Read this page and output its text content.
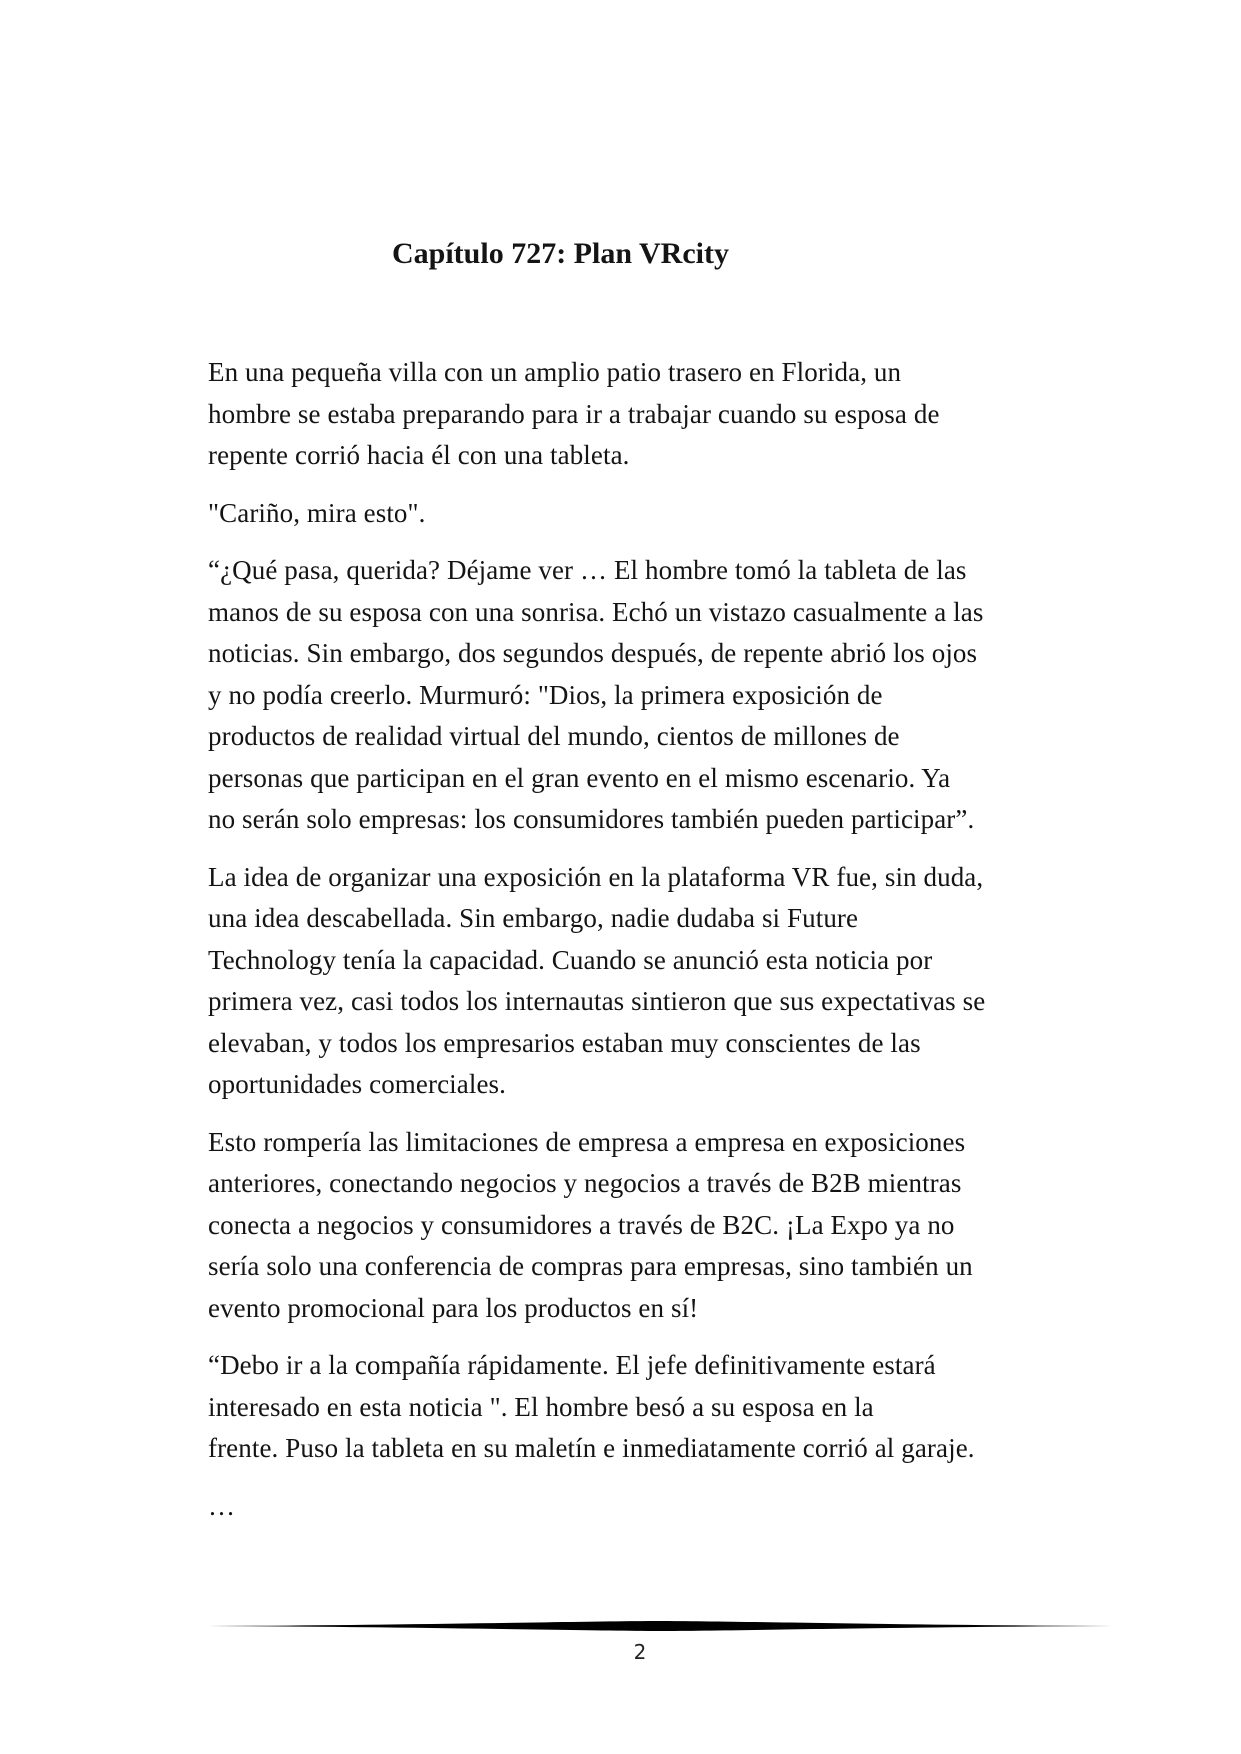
Capítulo 727: Plan VRcity

En una pequeña villa con un amplio patio trasero en Florida, un
hombre se estaba preparando para ir a trabajar cuando su esposa de
repente corrió hacia él con una tableta.

"Cariño, mira esto".

“¿Qué pasa, querida? Déjame ver … El hombre tomó la tableta de las
manos de su esposa con una sonrisa. Echó un vistazo casualmente a las
noticias. Sin embargo, dos segundos después, de repente abrió los ojos
y no podía creerlo. Murmuró: "Dios, la primera exposición de
productos de realidad virtual del mundo, cientos de millones de
personas que participan en el gran evento en el mismo escenario. Ya
no serán solo empresas: los consumidores también pueden participar”.

La idea de organizar una exposición en la plataforma VR fue, sin duda,
una idea descabellada. Sin embargo, nadie dudaba si Future
Technology tenía la capacidad. Cuando se anunció esta noticia por
primera vez, casi todos los internautas sintieron que sus expectativas se
elevaban, y todos los empresarios estaban muy conscientes de las
oportunidades comerciales.

Esto rompería las limitaciones de empresa a empresa en exposiciones
anteriores, conectando negocios y negocios a través de B2B mientras
conecta a negocios y consumidores a través de B2C. ¡La Expo ya no
sería solo una conferencia de compras para empresas, sino también un
evento promocional para los productos en sí!

“Debo ir a la compañía rápidamente. El jefe definitivamente estará
interesado en esta noticia ". El hombre besó a su esposa en la
frente. Puso la tableta en su maletín e inmediatamente corrió al garaje.

…

2
